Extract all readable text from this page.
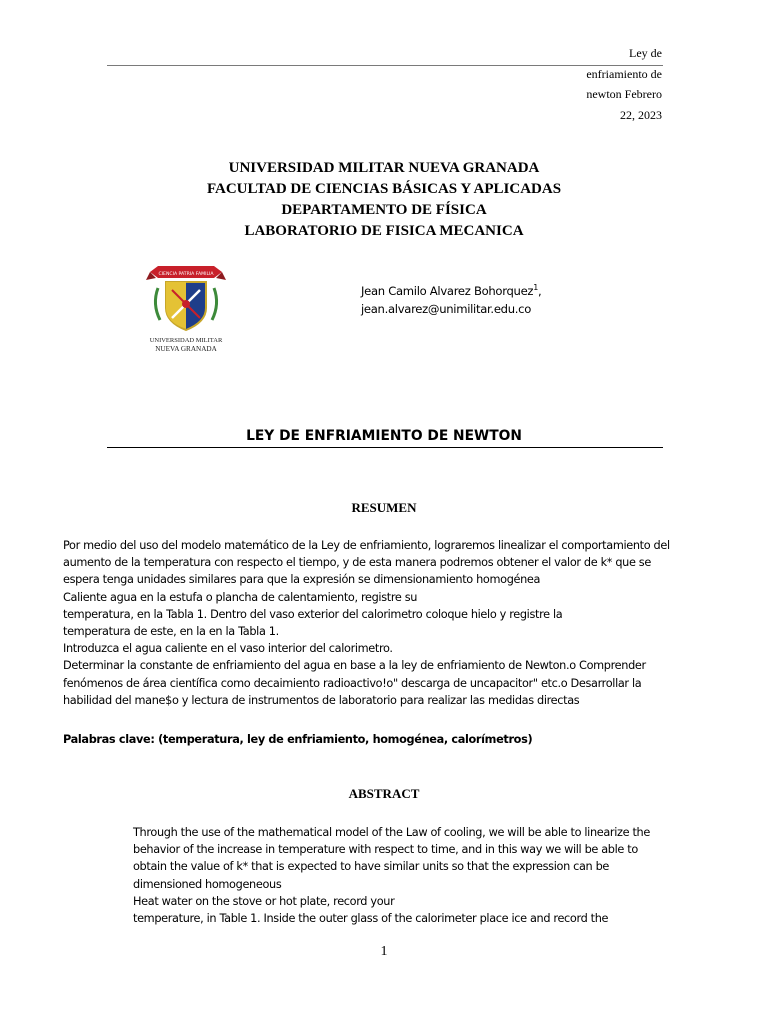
Ley de
enfriamiento de
newton Febrero
22, 2023
UNIVERSIDAD MILITAR NUEVA GRANADA
FACULTAD DE CIENCIAS BÁSICAS Y APLICADAS
DEPARTAMENTO DE FÍSICA
LABORATORIO DE FISICA MECANICA
CIENCIA PATRIA FAMILIA
UNIVERSIDAD MILITAR
NUEVA GRANADA
Jean Camilo Alvarez Bohorquez$^1$,
jean.alvarez@unimilitar.edu.co
LEY DE ENFRIAMIENTO DE NEWTON
RESUMEN
Por medio del uso del modelo matemático de la Ley de enfriamiento, lograremos linealizar el comportamiento del
aumento de la temperatura con respecto el tiempo, y de esta manera podremos obtener el valor de k* que se
espera tenga unidades similares para que la expresión se dimensionamiento homogénea
Caliente agua en la estufa o plancha de calentamiento, registre su
temperatura, en la Tabla 1. Dentro del vaso exterior del calorimetro coloque hielo y registre la
temperatura de este, en la en la Tabla 1.
Introduzca el agua caliente en el vaso interior del calorimetro.
Determinar la constante de enfriamiento del agua en base a la ley de enfriamiento de Newton.o Comprender
fenómenos de área científica como decaimiento radioactivo!o" descarga de uncapacitor" etc.o Desarrollar la
habilidad del mane$o y lectura de instrumentos de laboratorio para realizar las medidas directas
Palabras clave: (temperatura, ley de enfriamiento, homogénea, calorímetros)
ABSTRACT
Through the use of the mathematical model of the Law of cooling, we will be able to linearize the
behavior of the increase in temperature with respect to time, and in this way we will be able to
obtain the value of k* that is expected to have similar units so that the expression can be
dimensioned homogeneous
Heat water on the stove or hot plate, record your
temperature, in Table 1. Inside the outer glass of the calorimeter place ice and record the
1
